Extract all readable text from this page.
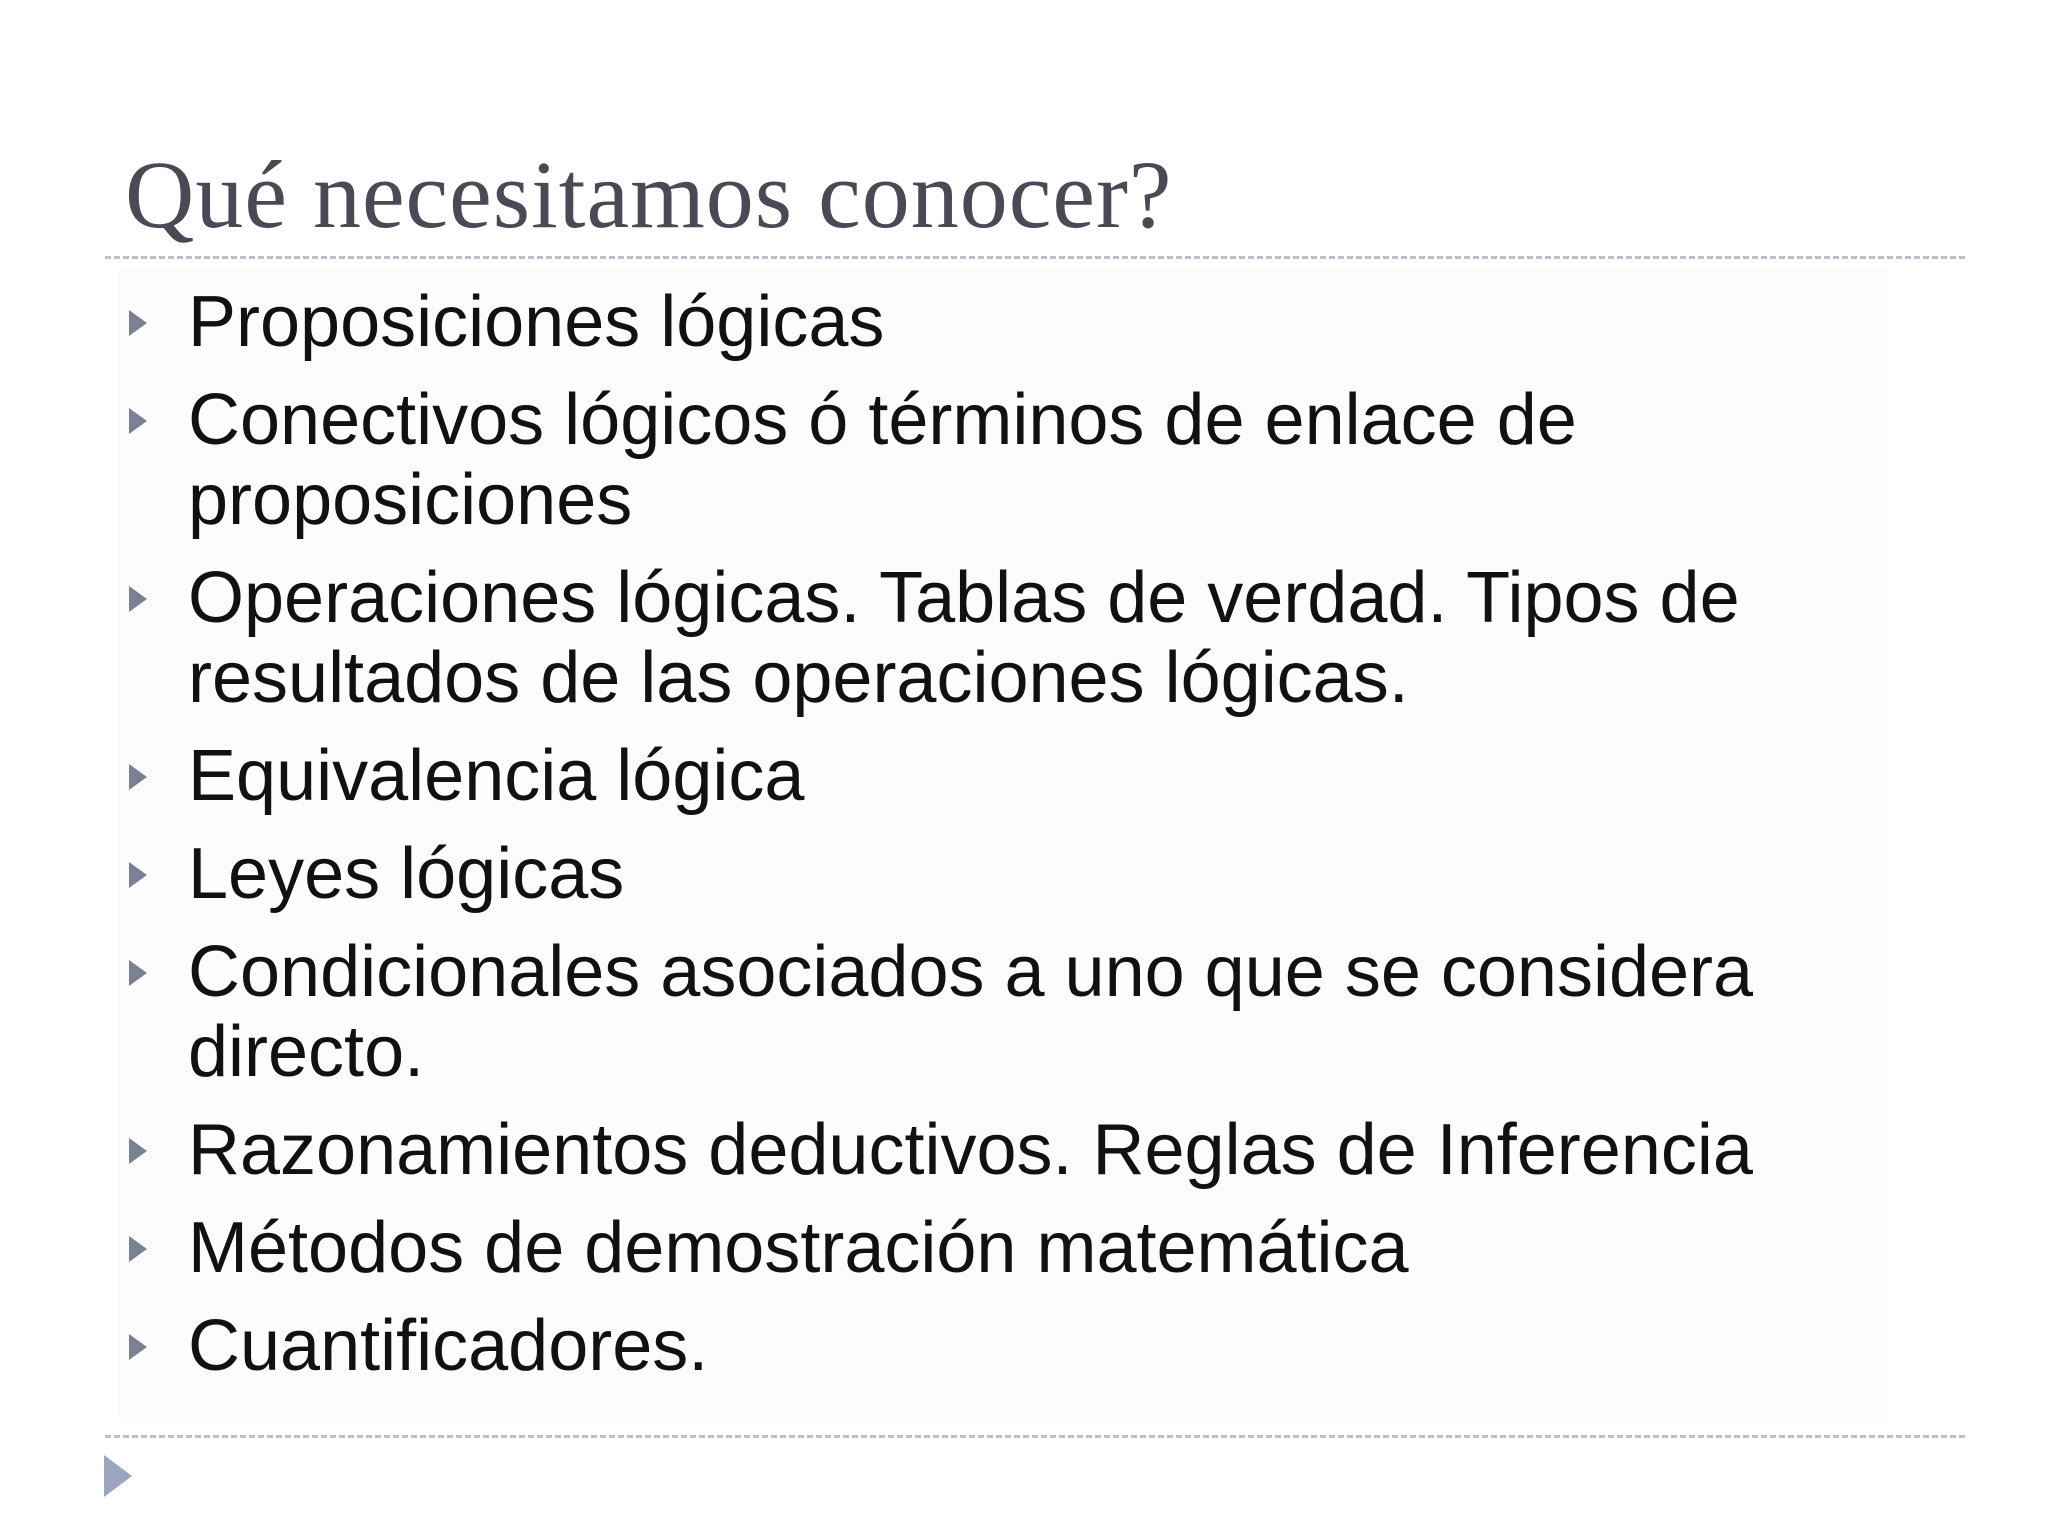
Qué necesitamos conocer?
Proposiciones lógicas
Conectivos lógicos ó términos de enlace de proposiciones
Operaciones lógicas. Tablas de verdad. Tipos de resultados de las operaciones lógicas.
Equivalencia lógica
Leyes lógicas
Condicionales asociados a uno que se considera directo.
Razonamientos deductivos. Reglas de Inferencia
Métodos de demostración matemática
Cuantificadores.
